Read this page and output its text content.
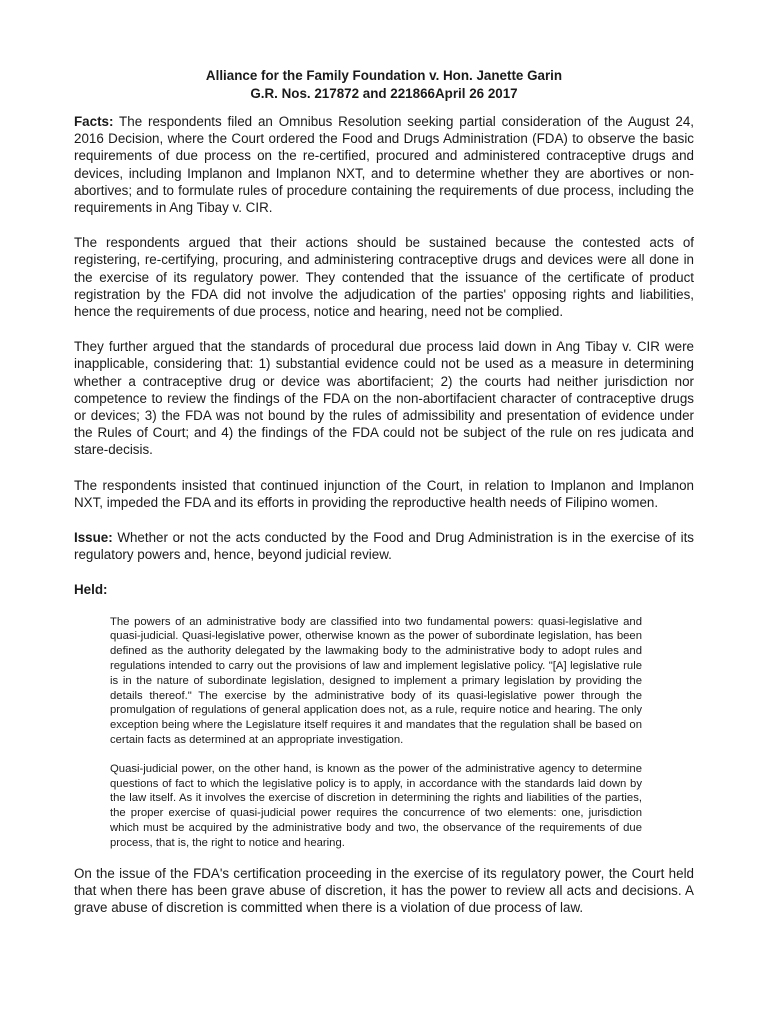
Alliance for the Family Foundation v. Hon. Janette Garin

G.R. Nos. 217872 and 221866April 26 2017

Facts: The respondents filed an Omnibus Resolution seeking partial consideration of the August 24, 2016 Decision, where the Court ordered the Food and Drugs Administration (FDA) to observe the basic requirements of due process on the re-certified, procured and administered contraceptive drugs and devices, including Implanon and Implanon NXT, and to determine whether they are abortives or non-abortives; and to formulate rules of procedure containing the requirements of due process, including the requirements in Ang Tibay v. CIR.

The respondents argued that their actions should be sustained because the contested acts of registering, re-certifying, procuring, and administering contraceptive drugs and devices were all done in the exercise of its regulatory power. They contended that the issuance of the certificate of product registration by the FDA did not involve the adjudication of the parties' opposing rights and liabilities, hence the requirements of due process, notice and hearing, need not be complied.

They further argued that the standards of procedural due process laid down in Ang Tibay v. CIR were inapplicable, considering that: 1) substantial evidence could not be used as a measure in determining whether a contraceptive drug or device was abortifacient; 2) the courts had neither jurisdiction nor competence to review the findings of the FDA on the non-abortifacient character of contraceptive drugs or devices; 3) the FDA was not bound by the rules of admissibility and presentation of evidence under the Rules of Court; and 4) the findings of the FDA could not be subject of the rule on res judicata and stare-decisis.

The respondents insisted that continued injunction of the Court, in relation to Implanon and Implanon NXT, impeded the FDA and its efforts in providing the reproductive health needs of Filipino women.

Issue: Whether or not the acts conducted by the Food and Drug Administration is in the exercise of its regulatory powers and, hence, beyond judicial review.

Held:

The powers of an administrative body are classified into two fundamental powers: quasi-legislative and quasi-judicial. Quasi-legislative power, otherwise known as the power of subordinate legislation, has been defined as the authority delegated by the lawmaking body to the administrative body to adopt rules and regulations intended to carry out the provisions of law and implement legislative policy. "[A] legislative rule is in the nature of subordinate legislation, designed to implement a primary legislation by providing the details thereof." The exercise by the administrative body of its quasi-legislative power through the promulgation of regulations of general application does not, as a rule, require notice and hearing. The only exception being where the Legislature itself requires it and mandates that the regulation shall be based on certain facts as determined at an appropriate investigation.

Quasi-judicial power, on the other hand, is known as the power of the administrative agency to determine questions of fact to which the legislative policy is to apply, in accordance with the standards laid down by the law itself. As it involves the exercise of discretion in determining the rights and liabilities of the parties, the proper exercise of quasi-judicial power requires the concurrence of two elements: one, jurisdiction which must be acquired by the administrative body and two, the observance of the requirements of due process, that is, the right to notice and hearing.

On the issue of the FDA's certification proceeding in the exercise of its regulatory power, the Court held that when there has been grave abuse of discretion, it has the power to review all acts and decisions. A grave abuse of discretion is committed when there is a violation of due process of law.
